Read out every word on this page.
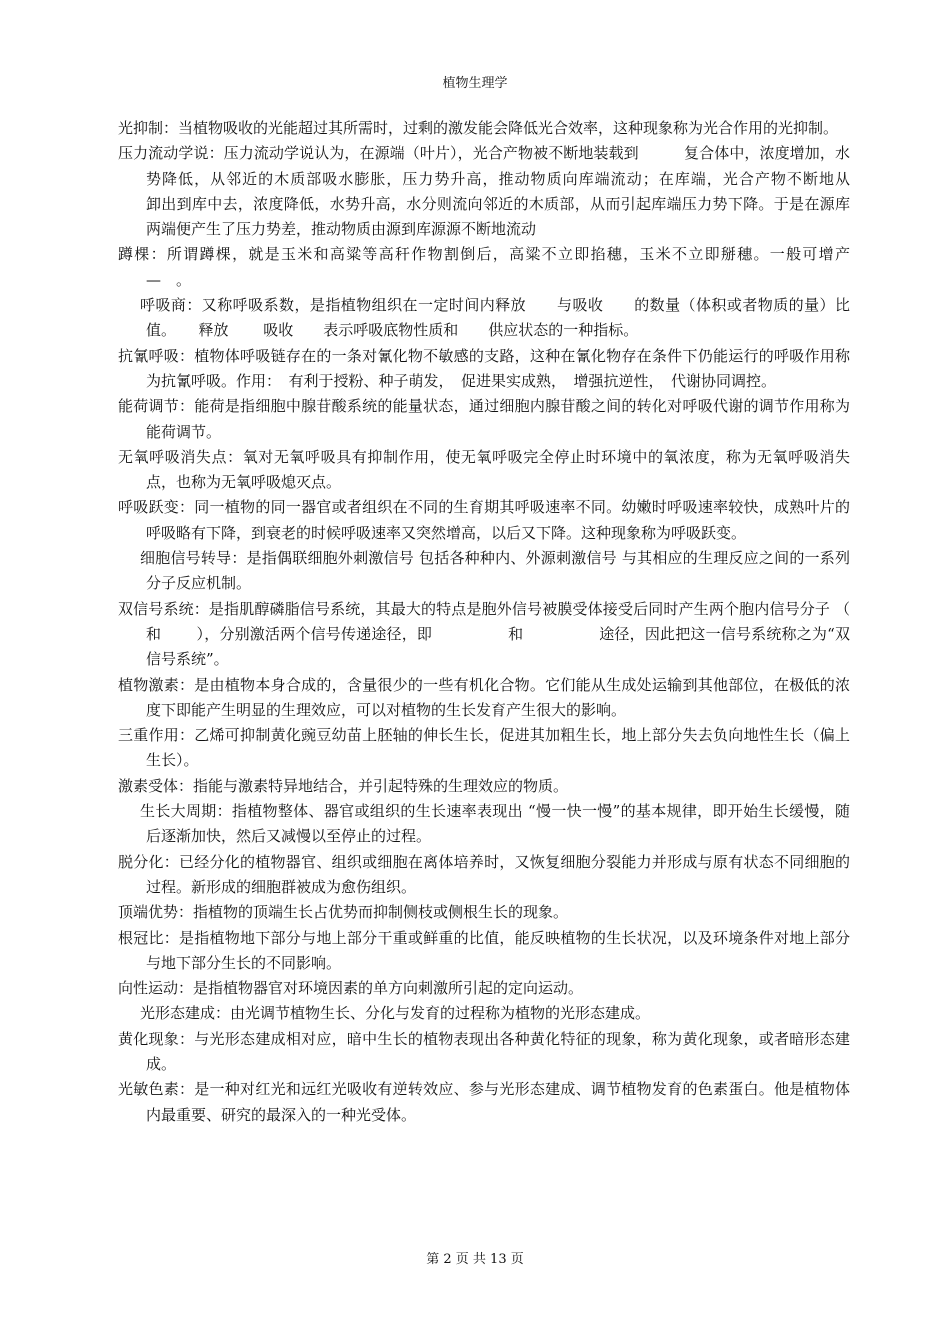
植物生理学

光抑制：当植物吸收的光能超过其所需时，过剩的激发能会降低光合效率，这种现象称为光合作用的光抑制。

压力流动学说：压力流动学说认为，在源端（叶片），光合产物被不断地装载到　　　复合体中，浓度增加，水势降低，从邻近的木质部吸水膨胀，压力势升高，推动物质向库端流动；在库端，光合产物不断地从　　　卸出到库中去，浓度降低，水势升高，水分则流向邻近的木质部，从而引起库端压力势下降。于是在源库两端便产生了压力势差，推动物质由源到库源源不断地流动

蹲棵：所谓蹲棵，就是玉米和高粱等高秆作物割倒后，高粱不立即掐穗，玉米不立即掰穗。一般可增产　 —　。

呼吸商：又称呼吸系数，是指植物组织在一定时间内释放　　与吸收　　的数量（体积或者物质的量）比值。　　释放　　 吸收　　表示呼吸底物性质和　　供应状态的一种指标。

抗氰呼吸：植物体呼吸链存在的一条对氰化物不敏感的支路，这种在氰化物存在条件下仍能运行的呼吸作用称为抗氰呼吸。作用：　有利于授粉、种子萌发，　促进果实成熟，　增强抗逆性，　代谢协同调控。

能荷调节：能荷是指细胞中腺苷酸系统的能量状态，通过细胞内腺苷酸之间的转化对呼吸代谢的调节作用称为能荷调节。

无氧呼吸消失点：氧对无氧呼吸具有抑制作用，使无氧呼吸完全停止时环境中的氧浓度，称为无氧呼吸消失点，也称为无氧呼吸熄灭点。

呼吸跃变：同一植物的同一器官或者组织在不同的生育期其呼吸速率不同。幼嫩时呼吸速率较快，成熟叶片的呼吸略有下降，到衰老的时候呼吸速率又突然增高，以后又下降。这种现象称为呼吸跃变。

细胞信号转导：是指偶联细胞外刺激信号 包括各种种内、外源刺激信号 与其相应的生理反应之间的一系列分子反应机制。

双信号系统：是指肌醇磷脂信号系统，其最大的特点是胞外信号被膜受体接受后同时产生两个胞内信号分子 （　　　和　　 ），分别激活两个信号传递途径，即　　　　　和　　　　　途径，因此把这一信号系统称之为“双信号系统”。

植物激素：是由植物本身合成的，含量很少的一些有机化合物。它们能从生成处运输到其他部位，在极低的浓度下即能产生明显的生理效应，可以对植物的生长发育产生很大的影响。

三重作用：乙烯可抑制黄化豌豆幼苗上胚轴的伸长生长，促进其加粗生长，地上部分失去负向地性生长（偏上生长）。

激素受体：指能与激素特异地结合，并引起特殊的生理效应的物质。

生长大周期：指植物整体、器官或组织的生长速率表现出 “慢一快一慢”的基本规律，即开始生长缓慢，随后逐渐加快，然后又减慢以至停止的过程。

脱分化：已经分化的植物器官、组织或细胞在离体培养时，又恢复细胞分裂能力并形成与原有状态不同细胞的过程。新形成的细胞群被成为愈伤组织。

顶端优势：指植物的顶端生长占优势而抑制侧枝或侧根生长的现象。

根冠比：是指植物地下部分与地上部分干重或鲜重的比值，能反映植物的生长状况，以及环境条件对地上部分与地下部分生长的不同影响。

向性运动：是指植物器官对环境因素的单方向刺激所引起的定向运动。

光形态建成：由光调节植物生长、分化与发育的过程称为植物的光形态建成。

黄化现象：与光形态建成相对应，暗中生长的植物表现出各种黄化特征的现象，称为黄化现象，或者暗形态建成。

光敏色素：是一种对红光和远红光吸收有逆转效应、参与光形态建成、调节植物发育的色素蛋白。他是植物体内最重要、研究的最深入的一种光受体。

第 2 页 共 13 页
